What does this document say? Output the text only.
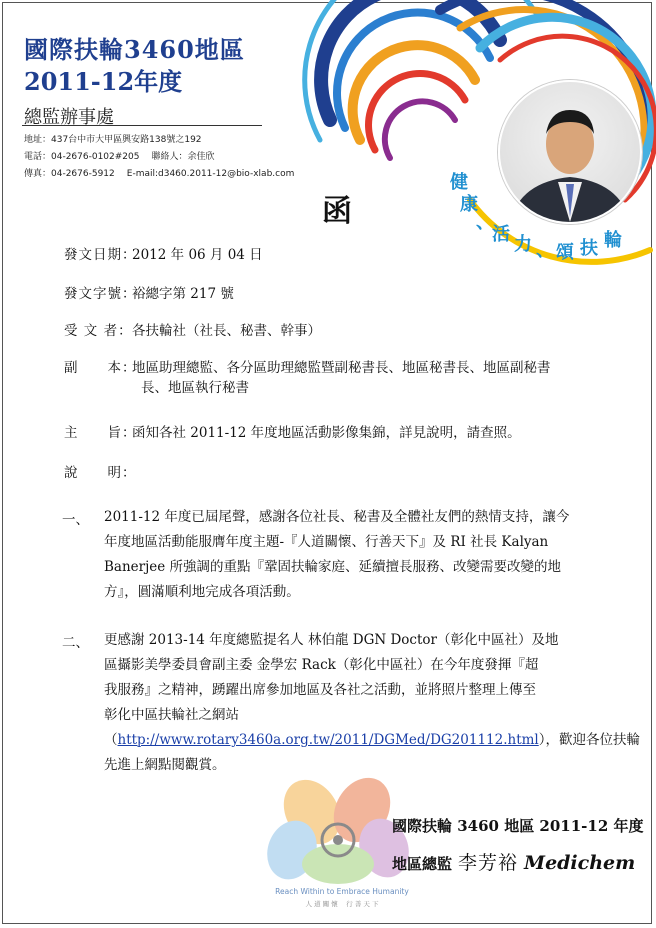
國際扶輪3460地區
2011-12年度
總監辦事處
地址：437台中市大甲區興安路138號之192
電話：04-2676-0102#205 聯絡人：余佳欣
傳真：04-2676-5912 E-mail:d3460.2011-12@bio-xlab.com	健
康
、
活 力 、 頌 扶 輪
函
發文日期：2012 年 06 月 04 日
發文字號：裕總字第 217 號
受 文 者：各扶輪社（社長、秘書、幹事）
副　　本：地區助理總監、各分區助理總監暨副秘書長、地區秘書長、地區副秘書
長、地區執行秘書
主　　旨：函知各社 2011-12 年度地區活動影像集錦，詳見說明，請查照。
說　　明：
一、 2011-12 年度已屆尾聲，感謝各位社長、秘書及全體社友們的熱情支持，讓今
年度地區活動能服膺年度主題-『人道關懷、行善天下』及 RI 社長 Kalyan
Banerjee 所強調的重點『鞏固扶輪家庭、延續擅長服務、改變需要改變的地
方』，圓滿順利地完成各項活動。
二、 更感謝 2013-14 年度總監提名人 林伯龍 DGN Doctor（彰化中區社）及地
區攝影美學委員會副主委 金學宏 Rack（彰化中區社）在今年度發揮『超
我服務』之精神，踴躍出席參加地區及各社之活動，並將照片整理上傳至
彰化中區扶輪社之網站
（http://www.rotary3460a.org.tw/2011/DGMed/DG201112.html），歡迎各位扶輪
先進上網點閱觀賞。
Reach Within to Embrace Humanity
人 道 關 懷　 行 善 天 下
國際扶輪 3460 地區 2011-12 年度
地區總監 李芳裕 Medichem
